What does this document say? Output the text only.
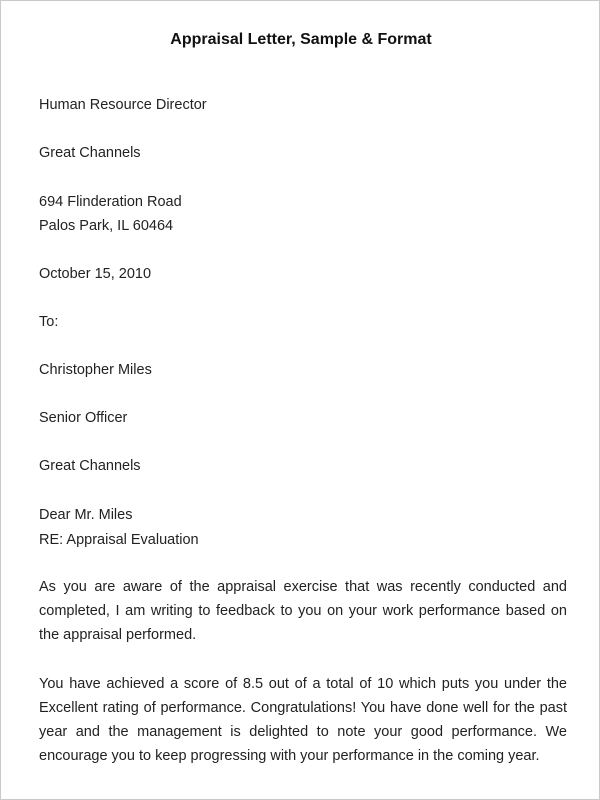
Appraisal Letter, Sample & Format
Human Resource Director
Great Channels
694 Flinderation Road
Palos Park, IL 60464
October 15, 2010
To:
Christopher Miles
Senior Officer
Great Channels
Dear Mr. Miles
RE: Appraisal Evaluation
As you are aware of the appraisal exercise that was recently conducted and completed, I am writing to feedback to you on your work performance based on the appraisal performed.
You have achieved a score of 8.5 out of a total of 10 which puts you under the Excellent rating of performance. Congratulations! You have done well for the past year and the management is delighted to note your good performance. We encourage you to keep progressing with your performance in the coming year.
